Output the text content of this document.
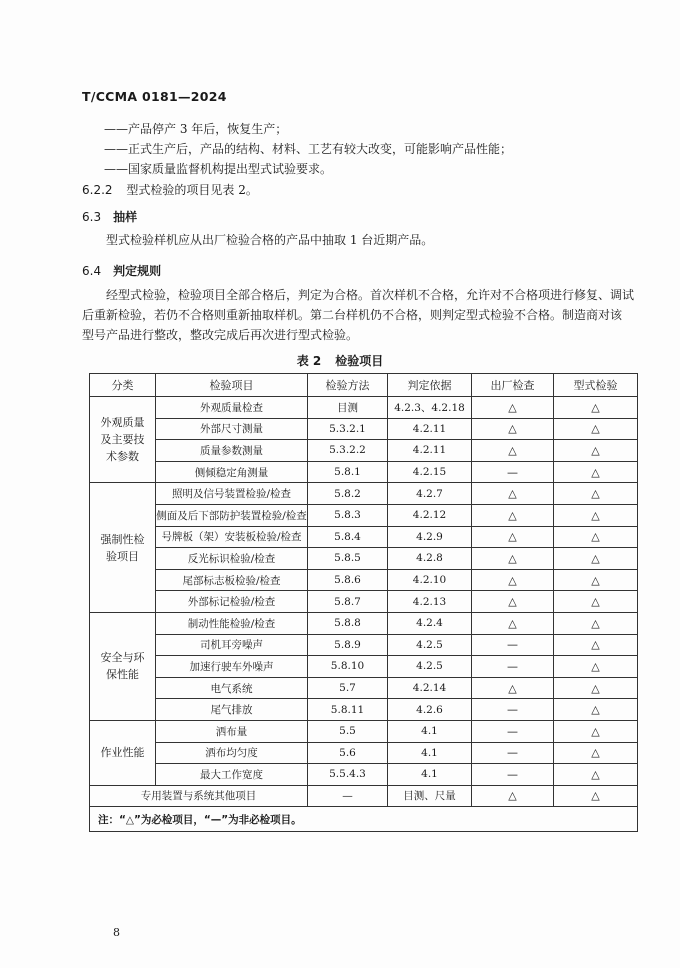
T/CCMA 0181—2024
——产品停产 3 年后，恢复生产；
——正式生产后，产品的结构、材料、工艺有较大改变，可能影响产品性能；
——国家质量监督机构提出型式试验要求。
6.2.2 型式检验的项目见表 2。
6.3 抽样
型式检验样机应从出厂检验合格的产品中抽取 1 台近期产品。
6.4 判定规则
经型式检验，检验项目全部合格后，判定为合格。首次样机不合格，允许对不合格项进行修复、调试
后重新检验，若仍不合格则重新抽取样机。第二台样机仍不合格，则判定型式检验不合格。制造商对该
型号产品进行整改，整改完成后再次进行型式检验。
表 2 检验项目
分类	检验项目	检验方法	判定依据	出厂检查	型式检验
外观质量及主要技术参数	外观质量检查	目测	4.2.3、4.2.18	△	△
	外部尺寸测量	5.3.2.1	4.2.11	△	△
	质量参数测量	5.3.2.2	4.2.11	△	△
	侧倾稳定角测量	5.8.1	4.2.15	—	△
强制性检验项目	照明及信号装置检验/检查	5.8.2	4.2.7	△	△
	侧面及后下部防护装置检验/检查	5.8.3	4.2.12	△	△
	号牌板（架）安装板检验/检查	5.8.4	4.2.9	△	△
	反光标识检验/检查	5.8.5	4.2.8	△	△
	尾部标志板检验/检查	5.8.6	4.2.10	△	△
	外部标记检验/检查	5.8.7	4.2.13	△	△
安全与环保性能	制动性能检验/检查	5.8.8	4.2.4	△	△
	司机耳旁噪声	5.8.9	4.2.5	—	△
	加速行驶车外噪声	5.8.10	4.2.5	—	△
	电气系统	5.7	4.2.14	△	△
	尾气排放	5.8.11	4.2.6	—	△
作业性能	洒布量	5.5	4.1	—	△
	洒布均匀度	5.6	4.1	—	△
	最大工作宽度	5.5.4.3	4.1	—	△
专用装置与系统其他项目		—	目测、尺量	△	△
注：“△”为必检项目，“—”为非必检项目。					
8
